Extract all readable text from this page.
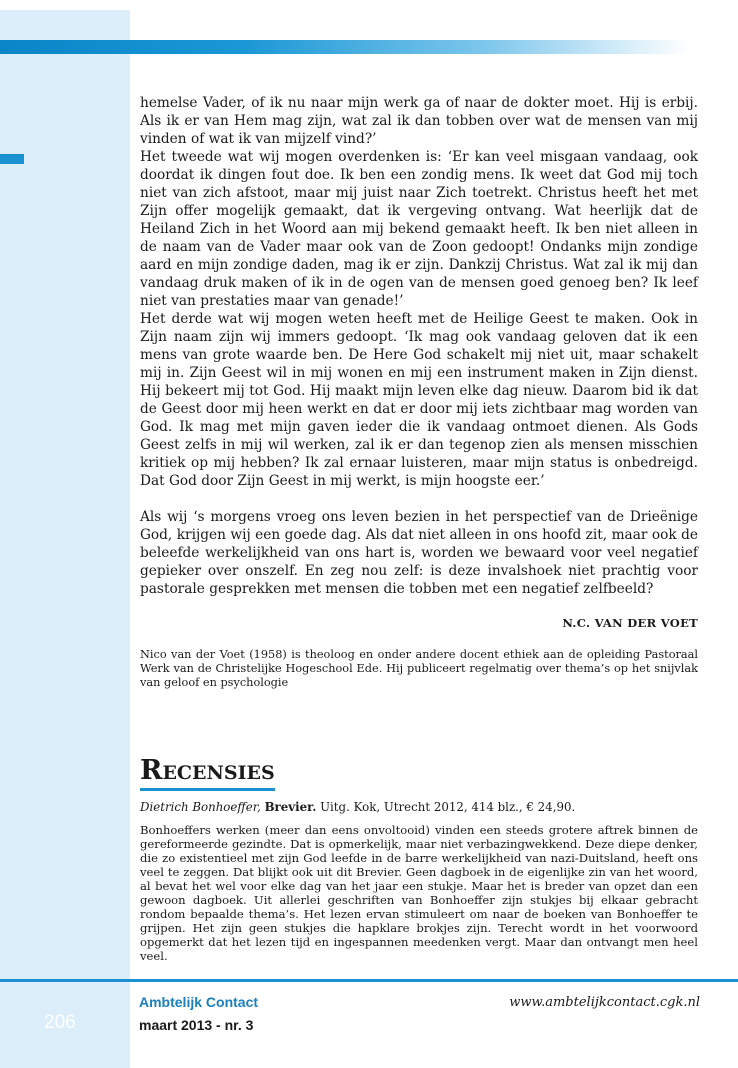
hemelse Vader, of ik nu naar mijn werk ga of naar de dokter moet. Hij is erbij. Als ik er van Hem mag zijn, wat zal ik dan tobben over wat de mensen van mij vinden of wat ik van mijzelf vind?’

Het tweede wat wij mogen overdenken is: ‘Er kan veel misgaan vandaag, ook doordat ik dingen fout doe. Ik ben een zondig mens. Ik weet dat God mij toch niet van zich afstoot, maar mij juist naar Zich toetrekt. Christus heeft het met Zijn offer mogelijk gemaakt, dat ik vergeving ontvang. Wat heerlijk dat de Heiland Zich in het Woord aan mij bekend gemaakt heeft. Ik ben niet alleen in de naam van de Vader maar ook van de Zoon gedoopt! Ondanks mijn zondige aard en mijn zondige daden, mag ik er zijn. Dankzij Christus. Wat zal ik mij dan vandaag druk maken of ik in de ogen van de mensen goed genoeg ben? Ik leef niet van prestaties maar van genade!’

Het derde wat wij mogen weten heeft met de Heilige Geest te maken. Ook in Zijn naam zijn wij immers gedoopt. ‘Ik mag ook vandaag geloven dat ik een mens van grote waarde ben. De Here God schakelt mij niet uit, maar schakelt mij in. Zijn Geest wil in mij wonen en mij een instrument maken in Zijn dienst. Hij bekeert mij tot God. Hij maakt mijn leven elke dag nieuw. Daarom bid ik dat de Geest door mij heen werkt en dat er door mij iets zichtbaar mag worden van God. Ik mag met mijn gaven ieder die ik vandaag ontmoet dienen. Als Gods Geest zelfs in mij wil werken, zal ik er dan tegenop zien als mensen misschien kritiek op mij hebben? Ik zal ernaar luisteren, maar mijn status is onbedreigd. Dat God door Zijn Geest in mij werkt, is mijn hoogste eer.’

Als wij ‘s morgens vroeg ons leven bezien in het perspectief van de Drieënige God, krijgen wij een goede dag. Als dat niet alleen in ons hoofd zit, maar ook de beleefde werkelijkheid van ons hart is, worden we bewaard voor veel negatief gepieker over onszelf. En zeg nou zelf: is deze invalshoek niet prachtig voor pastorale gesprekken met mensen die tobben met een negatief zelfbeeld?

N.C. VAN DER VOET
Nico van der Voet (1958) is theoloog en onder andere docent ethiek aan de opleiding Pastoraal Werk van de Christelijke Hogeschool Ede. Hij publiceert regelmatig over thema’s op het snijvlak van geloof en psychologie
Recensies
Dietrich Bonhoeffer, Brevier. Uitg. Kok, Utrecht 2012, 414 blz., € 24,90.

Bonhoeffers werken (meer dan eens onvoltooid) vinden een steeds grotere aftrek binnen de gereformeerde gezindte. Dat is opmerkelijk, maar niet verbazingwekkend. Deze diepe denker, die zo existentieel met zijn God leefde in de barre werkelijkheid van nazi-Duitsland, heeft ons veel te zeggen. Dat blijkt ook uit dit Brevier. Geen dagboek in de eigenlijke zin van het woord, al bevat het wel voor elke dag van het jaar een stukje. Maar het is breder van opzet dan een gewoon dagboek. Uit allerlei geschriften van Bonhoeffer zijn stukjes bij elkaar gebracht rondom bepaalde thema’s. Het lezen ervan stimuleert om naar de boeken van Bonhoeffer te grijpen. Het zijn geen stukjes die hapklare brokjes zijn. Terecht wordt in het voorwoord opgemerkt dat het lezen tijd en ingespannen meedenken vergt. Maar dan ontvangt men heel veel.

206
Ambtelijk Contact
maart 2013 - nr. 3
www.ambtelijkcontact.cgk.nl
